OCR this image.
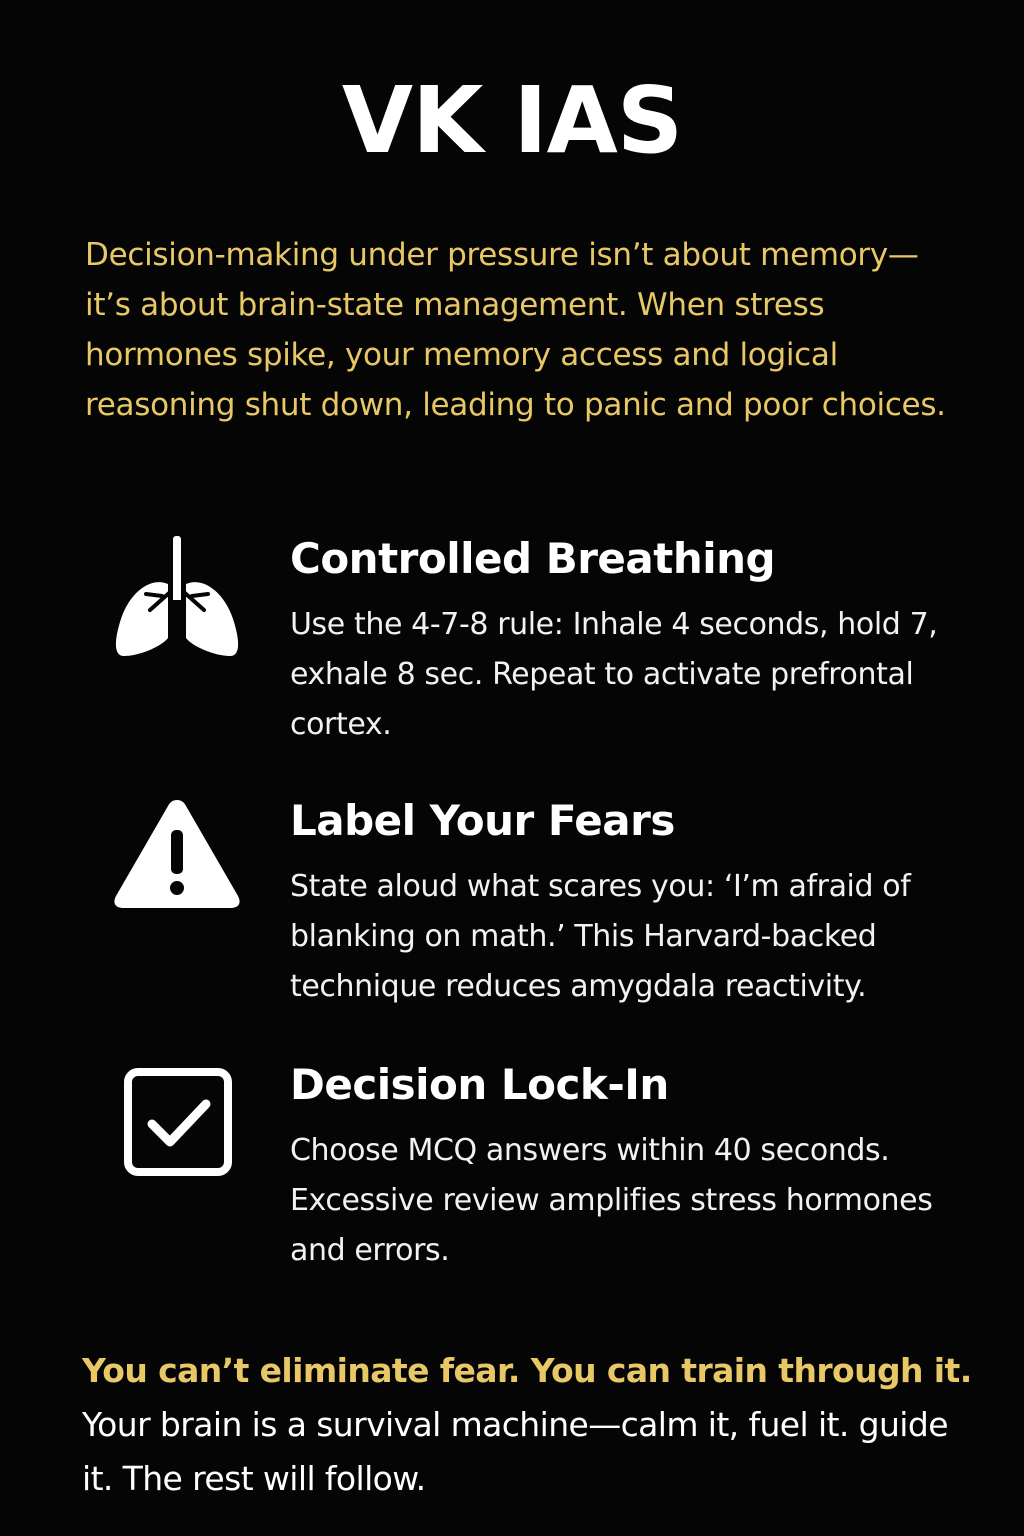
VK IAS
Decision-making under pressure isn’t about memory—it’s about brain-state management. When stress hormones spike, your memory access and logical reasoning shut down, leading to panic and poor choices.
Controlled Breathing
Use the 4-7-8 rule: Inhale 4 seconds, hold 7, exhale 8 sec. Repeat to activate prefrontal cortex.
Label Your Fears
State aloud what scares you: ‘I’m afraid of blanking on math.’ This Harvard-backed technique reduces amygdala reactivity.
Decision Lock-In
Choose MCQ answers within 40 seconds. Excessive review amplifies stress hormones and errors.
You can’t eliminate fear. You can train through it. Your brain is a survival machine—calm it, fuel it. guide it. The rest will follow.
